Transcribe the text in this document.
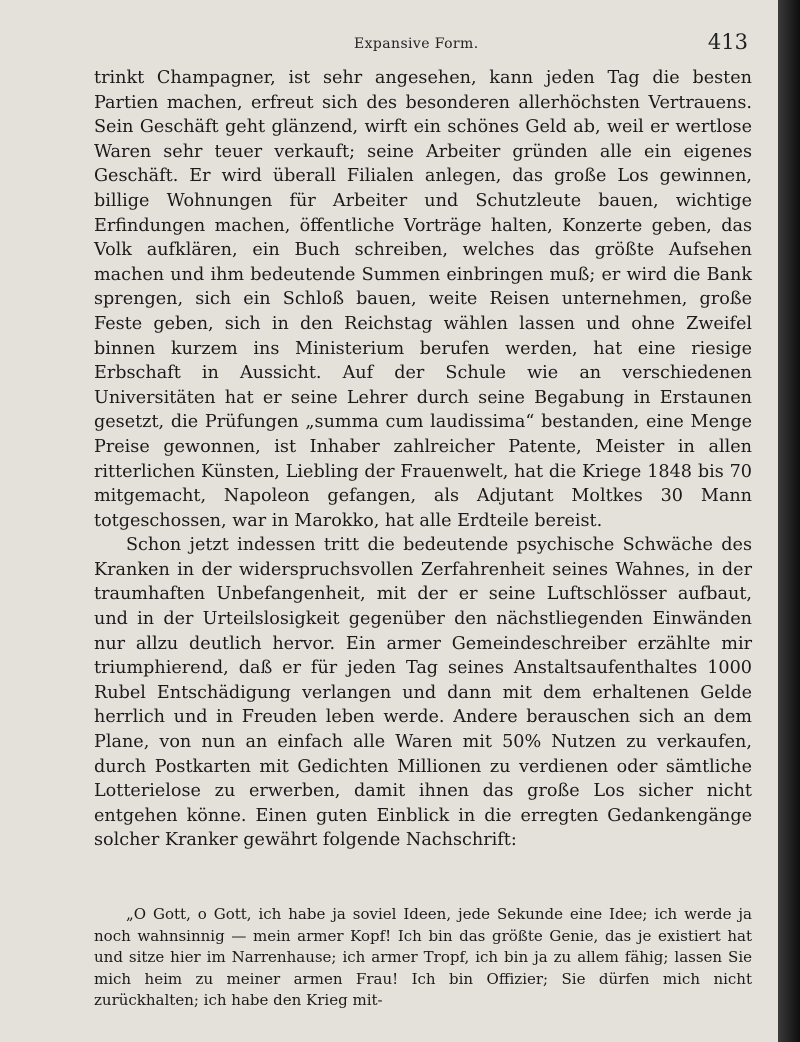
Expansive Form.	413

trinkt Champagner, ist sehr angesehen, kann jeden Tag die besten Partien machen, erfreut sich des besonderen allerhöchsten Vertrauens. Sein Geschäft geht glänzend, wirft ein schönes Geld ab, weil er wertlose Waren sehr teuer verkauft; seine Arbeiter gründen alle ein eigenes Geschäft. Er wird überall Filialen anlegen, das große Los gewinnen, billige Wohnungen für Arbeiter und Schutzleute bauen, wichtige Erfindungen machen, öffentliche Vorträge halten, Konzerte geben, das Volk aufklären, ein Buch schreiben, welches das größte Aufsehen machen und ihm bedeutende Summen einbringen muß; er wird die Bank sprengen, sich ein Schloß bauen, weite Reisen unternehmen, große Feste geben, sich in den Reichstag wählen lassen und ohne Zweifel binnen kurzem ins Ministerium berufen werden, hat eine riesige Erbschaft in Aussicht. Auf der Schule wie an verschiedenen Universitäten hat er seine Lehrer durch seine Begabung in Erstaunen gesetzt, die Prüfungen „summa cum laudissima“ bestanden, eine Menge Preise gewonnen, ist Inhaber zahlreicher Patente, Meister in allen ritterlichen Künsten, Liebling der Frauenwelt, hat die Kriege 1848 bis 70 mitgemacht, Napoleon gefangen, als Adjutant Moltkes 30 Mann totgeschossen, war in Marokko, hat alle Erdteile bereist.

Schon jetzt indessen tritt die bedeutende psychische Schwäche des Kranken in der widerspruchsvollen Zerfahrenheit seines Wahnes, in der traumhaften Unbefangenheit, mit der er seine Luftschlösser aufbaut, und in der Urteilslosigkeit gegenüber den nächstliegenden Einwänden nur allzu deutlich hervor. Ein armer Gemeindeschreiber erzählte mir triumphierend, daß er für jeden Tag seines Anstaltsaufenthaltes 1000 Rubel Entschädigung verlangen und dann mit dem erhaltenen Gelde herrlich und in Freuden leben werde. Andere berauschen sich an dem Plane, von nun an einfach alle Waren mit 50% Nutzen zu verkaufen, durch Postkarten mit Gedichten Millionen zu verdienen oder sämtliche Lotterielose zu erwerben, damit ihnen das große Los sicher nicht entgehen könne. Einen guten Einblick in die erregten Gedankengänge solcher Kranker gewährt folgende Nachschrift:

„O Gott, o Gott, ich habe ja soviel Ideen, jede Sekunde eine Idee; ich werde ja noch wahnsinnig — mein armer Kopf! Ich bin das größte Genie, das je existiert hat und sitze hier im Narrenhause; ich armer Tropf, ich bin ja zu allem fähig; lassen Sie mich heim zu meiner armen Frau! Ich bin Offizier; Sie dürfen mich nicht zurückhalten; ich habe den Krieg mit-
